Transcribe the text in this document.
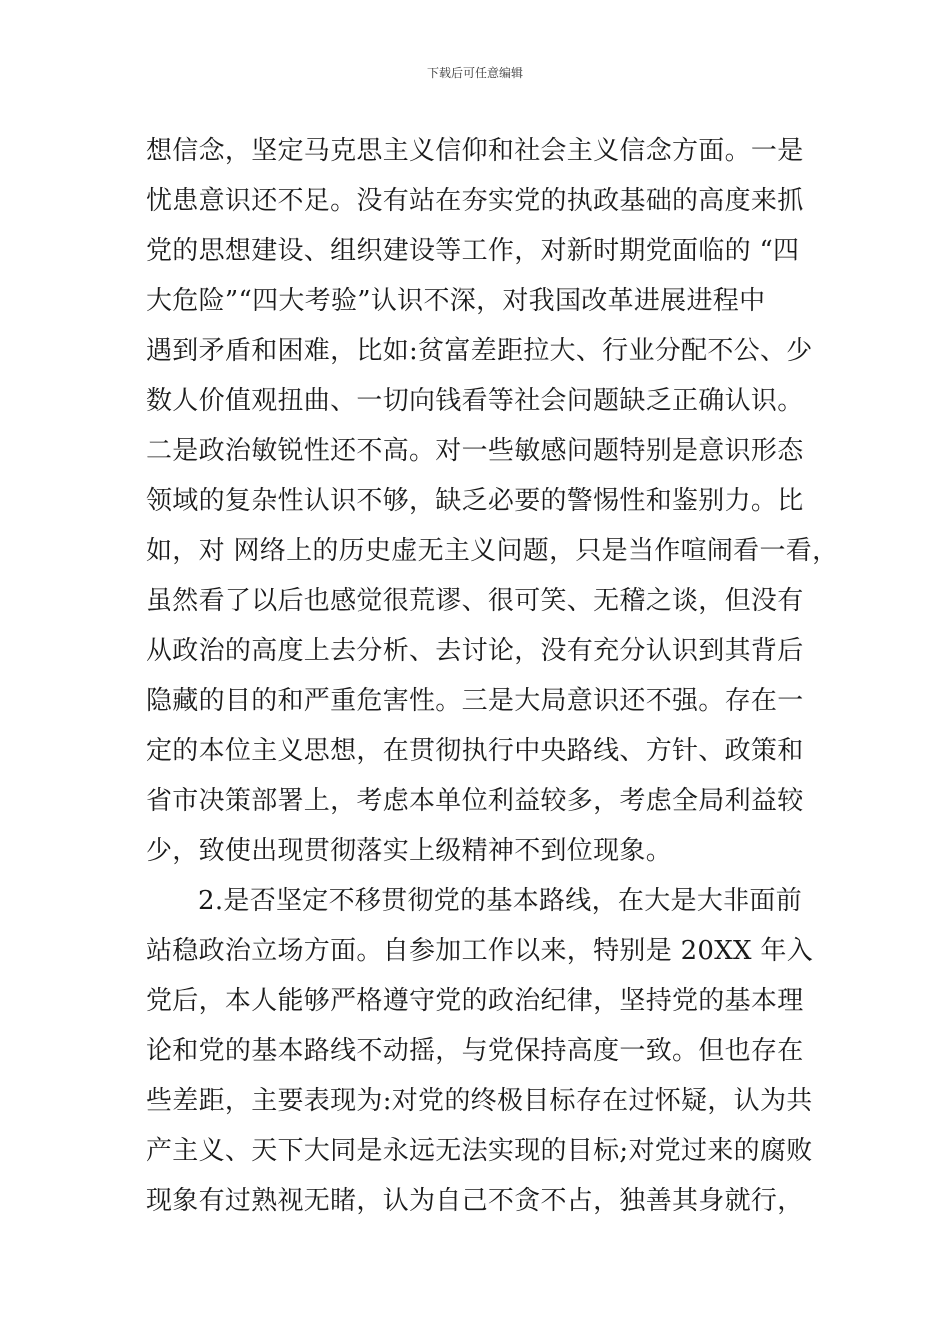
下载后可任意编辑
想信念，坚定马克思主义信仰和社会主义信念方面。一是
忧患意识还不足。没有站在夯实党的执政基础的高度来抓
党的思想建设、组织建设等工作，对新时期党面临的 “四
大危险”“四大考验”认识不深，对我国改革进展进程中
遇到矛盾和困难，比如:贫富差距拉大、行业分配不公、少
数人价值观扭曲、一切向钱看等社会问题缺乏正确认识。
二是政治敏锐性还不高。对一些敏感问题特别是意识形态
领域的复杂性认识不够，缺乏必要的警惕性和鉴别力。比
如，对 网络上的历史虚无主义问题，只是当作喧闹看一看，
虽然看了以后也感觉很荒谬、很可笑、无稽之谈，但没有
从政治的高度上去分析、去讨论，没有充分认识到其背后
隐藏的目的和严重危害性。三是大局意识还不强。存在一
定的本位主义思想，在贯彻执行中央路线、方针、政策和
省市决策部署上，考虑本单位利益较多，考虑全局利益较
少，致使出现贯彻落实上级精神不到位现象。
2.是否坚定不移贯彻党的基本路线，在大是大非面前
站稳政治立场方面。自参加工作以来，特别是 20XX 年入
党后，本人能够严格遵守党的政治纪律，坚持党的基本理
论和党的基本路线不动摇，与党保持高度一致。但也存在
些差距，主要表现为:对党的终极目标存在过怀疑，认为共
产主义、天下大同是永远无法实现的目标;对党过来的腐败
现象有过熟视无睹，认为自己不贪不占，独善其身就行，
